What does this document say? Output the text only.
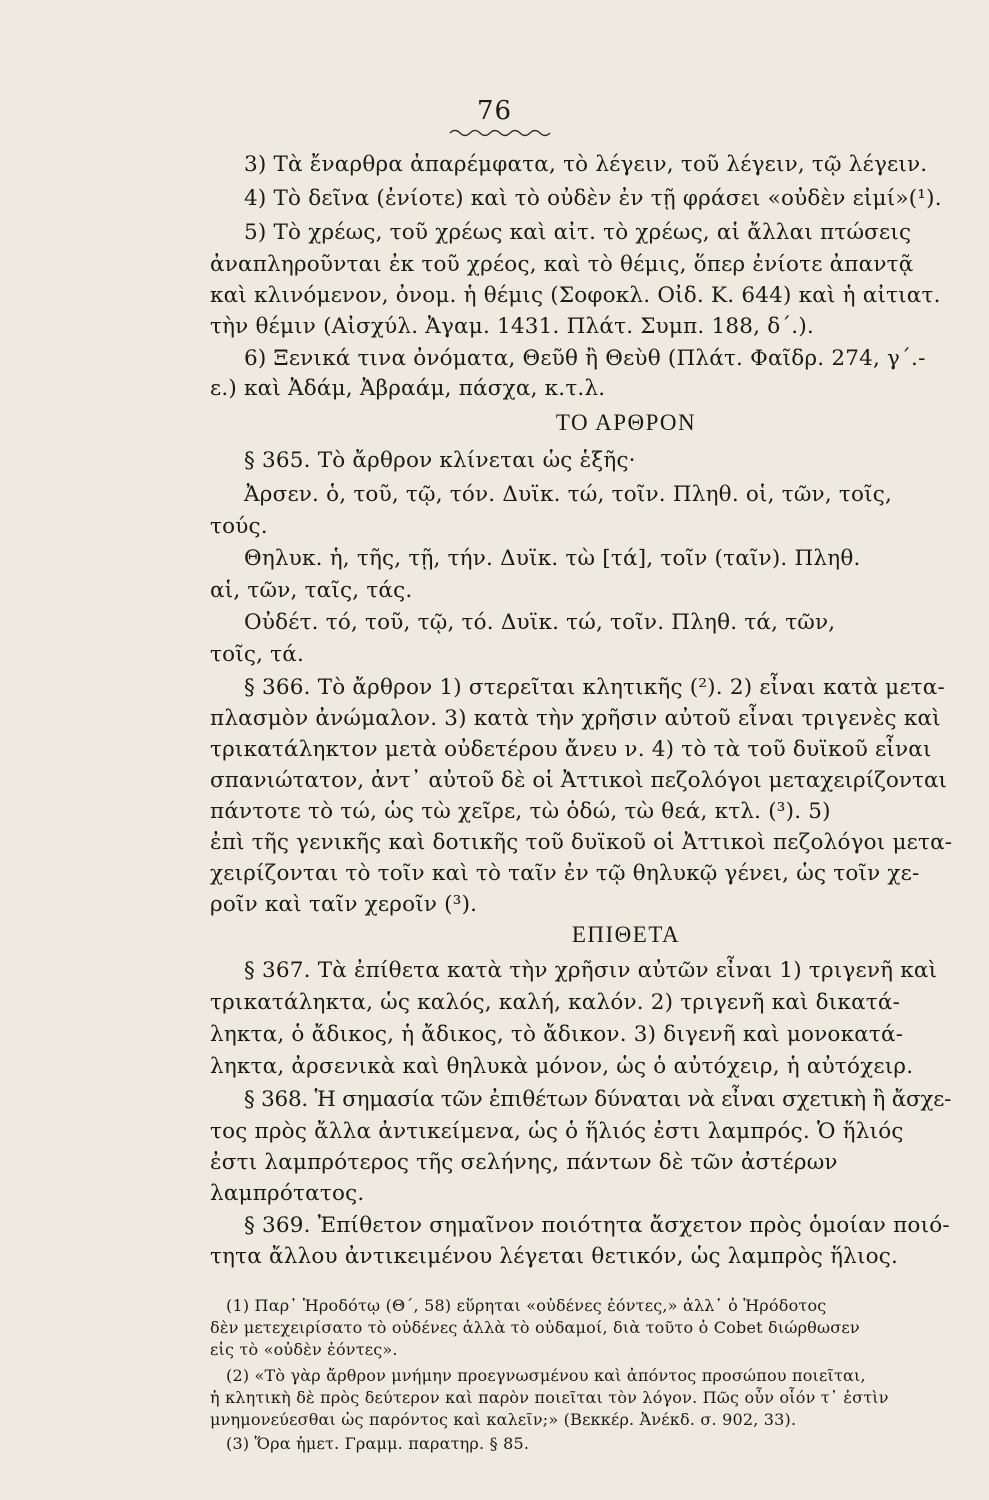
76
3) Τὰ ἔναρθρα ἀπαρέμφατα, τὸ λέγειν, τοῦ λέγειν, τῷ λέγειν.
4) Τὸ δεῖνα (ἐνίοτε) καὶ τὸ οὐδὲν ἐν τῇ φράσει «οὐδὲν εἰμί»(¹).
5) Τὸ χρέως, τοῦ χρέως καὶ αἰτ. τὸ χρέως, αἱ ἄλλαι πτώσεις
ἀναπληροῦνται ἐκ τοῦ χρέος, καὶ τὸ θέμις, ὅπερ ἐνίοτε ἀπαντᾷ
καὶ κλινόμενον, ὀνομ. ἡ θέμις (Σοφοκλ. Οἰδ. Κ. 644) καὶ ἡ αἰτιατ.
τὴν θέμιν (Αἰσχύλ. Ἀγαμ. 1431. Πλάτ. Συμπ. 188, δ΄.).
6) Ξενικά τινα ὀνόματα, Θεῦθ ἢ Θεὺθ (Πλάτ. Φαῖδρ. 274, γ΄.-
ε.) καὶ Ἀδάμ, Ἀβραάμ, πάσχα, κ.τ.λ.
ΤΟ ΑΡΘΡΟΝ
§ 365. Τὸ ἄρθρον κλίνεται ὡς ἑξῆς·
Ἀρσεν. ὁ, τοῦ, τῷ, τόν. Δυϊκ. τώ, τοῖν. Πληθ. οἱ, τῶν, τοῖς,
τούς.
Θηλυκ. ἡ, τῆς, τῇ, τήν. Δυϊκ. τὼ [τά], τοῖν (ταῖν). Πληθ.
αἱ, τῶν, ταῖς, τάς.
Οὐδέτ. τό, τοῦ, τῷ, τό. Δυϊκ. τώ, τοῖν. Πληθ. τά, τῶν,
τοῖς, τά.
§ 366. Τὸ ἄρθρον 1) στερεῖται κλητικῆς (²). 2) εἶναι κατὰ μετα-
πλασμὸν ἀνώμαλον. 3) κατὰ τὴν χρῆσιν αὐτοῦ εἶναι τριγενὲς καὶ
τρικατάληκτον μετὰ οὐδετέρου ἄνευ ν. 4) τὸ τὰ τοῦ δυϊκοῦ εἶναι
σπανιώτατον, ἀντ᾽ αὐτοῦ δὲ οἱ Ἀττικοὶ πεζολόγοι μεταχειρίζονται
πάντοτε τὸ τώ, ὡς τὼ χεῖρε, τὼ ὁδώ, τὼ θεά, κτλ. (³). 5)
ἐπὶ τῆς γενικῆς καὶ δοτικῆς τοῦ δυϊκοῦ οἱ Ἀττικοὶ πεζολόγοι μετα-
χειρίζονται τὸ τοῖν καὶ τὸ ταῖν ἐν τῷ θηλυκῷ γένει, ὡς τοῖν χε-
ροῖν καὶ ταῖν χεροῖν (³).
ΕΠΙΘΕΤΑ
§ 367. Τὰ ἐπίθετα κατὰ τὴν χρῆσιν αὐτῶν εἶναι 1) τριγενῆ καὶ
τρικατάληκτα, ὡς καλός, καλή, καλόν. 2) τριγενῆ καὶ δικατά-
ληκτα, ὁ ἄδικος, ἡ ἄδικος, τὸ ἄδικον. 3) διγενῆ καὶ μονοκατά-
ληκτα, ἀρσενικὰ καὶ θηλυκὰ μόνον, ὡς ὁ αὐτόχειρ, ἡ αὐτόχειρ.
§ 368. Ἡ σημασία τῶν ἐπιθέτων δύναται νὰ εἶναι σχετικὴ ἢ ἄσχε-
τος πρὸς ἄλλα ἀντικείμενα, ὡς ὁ ἥλιός ἐστι λαμπρός. Ὁ ἥλιός
ἐστι λαμπρότερος τῆς σελήνης, πάντων δὲ τῶν ἀστέρων
λαμπρότατος.
§ 369. Ἐπίθετον σημαῖνον ποιότητα ἄσχετον πρὸς ὁμοίαν ποιό-
τητα ἄλλου ἀντικειμένου λέγεται θετικόν, ὡς λαμπρὸς ἥλιος.
(1) Παρ᾽ Ἡροδότῳ (Θ΄, 58) εὕρηται «οὐδένες ἐόντες,» ἀλλ᾽ ὁ Ἡρόδοτος
δὲν μετεχειρίσατο τὸ οὐδένες ἀλλὰ τὸ οὐδαμοί, διὰ τοῦτο ὁ Cobet διώρθωσεν
εἰς τὸ «οὐδὲν ἐόντες».
(2) «Τὸ γὰρ ἄρθρον μνήμην προεγνωσμένου καὶ ἀπόντος προσώπου ποιεῖται,
ἡ κλητικὴ δὲ πρὸς δεύτερον καὶ παρὸν ποιεῖται τὸν λόγον. Πῶς οὖν οἷόν τ᾽ ἐστὶν
μνημονεύεσθαι ὡς παρόντος καὶ καλεῖν;» (Βεκκέρ. Ἀνέκδ. σ. 902, 33).
(3) Ὅρα ἡμετ. Γραμμ. παρατηρ. § 85.
